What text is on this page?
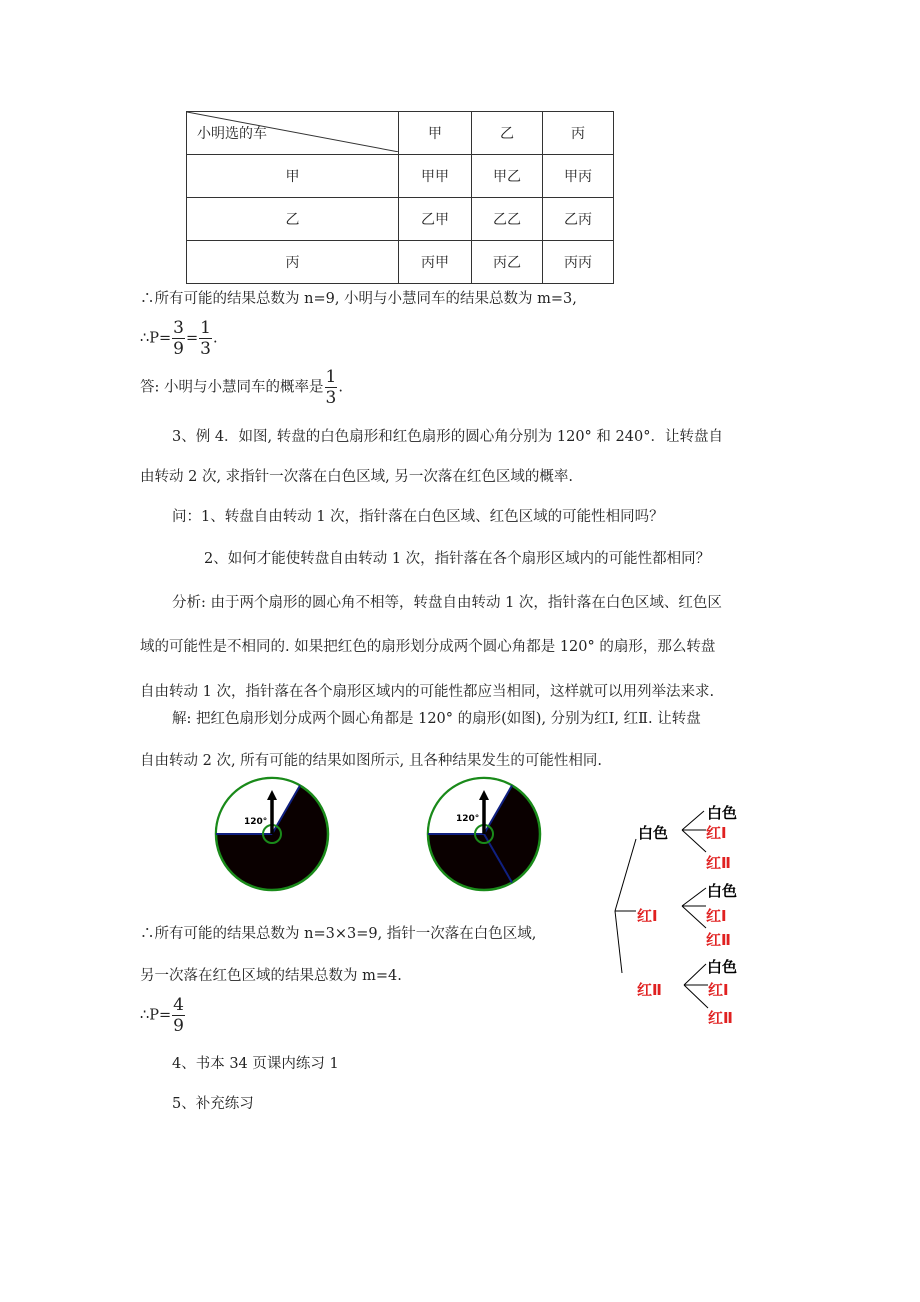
小明选的车	甲	乙	丙
甲	甲甲	甲乙	甲丙
乙	乙甲	乙乙	乙丙
丙	丙甲	丙乙	丙丙
∴所有可能的结果总数为 n=9, 小明与小慧同车的结果总数为 m=3,
∴P= $\frac{3}{9} = \frac{1}{3}$ .
答: 小明与小慧同车的概率是 $\frac{1}{3}$ .
3、例 4．如图, 转盘的白色扇形和红色扇形的圆心角分别为 120° 和 240°．让转盘自
由转动 2 次, 求指针一次落在白色区域, 另一次落在红色区域的概率.
问：1、转盘自由转动 1 次，指针落在白色区域、红色区域的可能性相同吗？
2、如何才能使转盘自由转动 1 次，指针落在各个扇形区域内的可能性都相同？
分析: 由于两个扇形的圆心角不相等，转盘自由转动 1 次，指针落在白色区域、红色区
域的可能性是不相同的. 如果把红色的扇形划分成两个圆心角都是 120° 的扇形，那么转盘
自由转动 1 次，指针落在各个扇形区域内的可能性都应当相同，这样就可以用列举法来求.
解: 把红色扇形划分成两个圆心角都是 120° 的扇形(如图), 分别为红Ⅰ, 红Ⅱ. 让转盘
自由转动 2 次, 所有可能的结果如图所示, 且各种结果发生的可能性相同.
120°	120°
白色
红Ⅰ
红Ⅱ
白色
红Ⅰ
红Ⅱ
白色
红Ⅰ
红Ⅱ
白色
红Ⅰ
红Ⅱ
∴所有可能的结果总数为 n=3×3=9, 指针一次落在白色区域,
另一次落在红色区域的结果总数为 m=4.
∴P= $\frac{4}{9}$
4、书本 34 页课内练习 1
5、补充练习
